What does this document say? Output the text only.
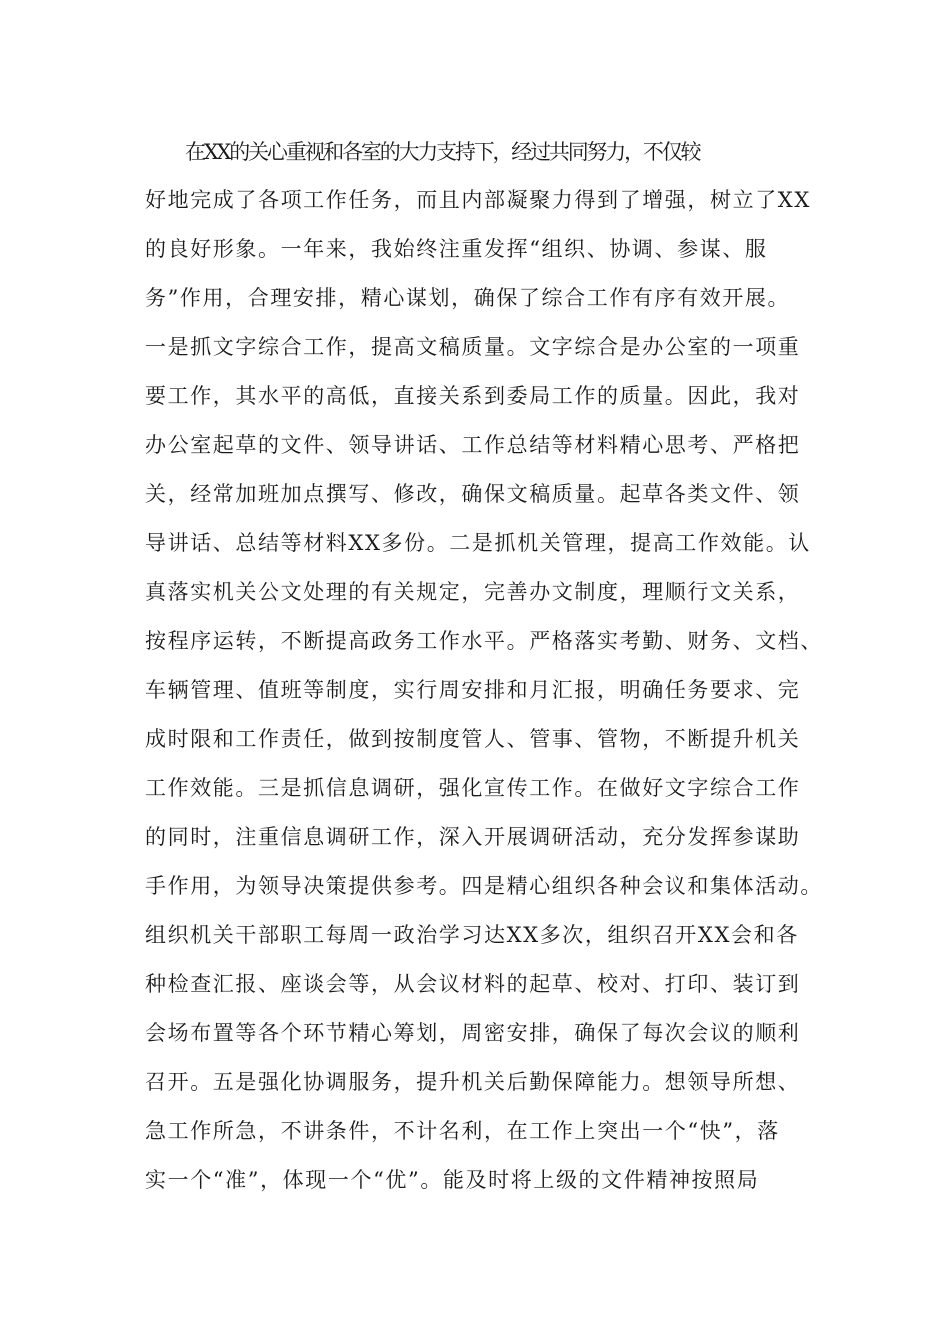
在XX的关心重视和各室的大力支持下，经过共同努力，不仅较

好地完成了各项工作任务，而且内部凝聚力得到了增强，树立了XX

的良好形象。一年来，我始终注重发挥“组织、协调、参谋、服

务”作用，合理安排，精心谋划，确保了综合工作有序有效开展。

一是抓文字综合工作，提高文稿质量。文字综合是办公室的一项重

要工作，其水平的高低，直接关系到委局工作的质量。因此，我对

办公室起草的文件、领导讲话、工作总结等材料精心思考、严格把

关，经常加班加点撰写、修改，确保文稿质量。起草各类文件、领

导讲话、总结等材料XX多份。二是抓机关管理，提高工作效能。认

真落实机关公文处理的有关规定，完善办文制度，理顺行文关系，

按程序运转，不断提高政务工作水平。严格落实考勤、财务、文档、

车辆管理、值班等制度，实行周安排和月汇报，明确任务要求、完

成时限和工作责任，做到按制度管人、管事、管物，不断提升机关

工作效能。三是抓信息调研，强化宣传工作。在做好文字综合工作

的同时，注重信息调研工作，深入开展调研活动，充分发挥参谋助

手作用，为领导决策提供参考。四是精心组织各种会议和集体活动。

组织机关干部职工每周一政治学习达XX多次，组织召开XX会和各

种检查汇报、座谈会等，从会议材料的起草、校对、打印、装订到

会场布置等各个环节精心筹划，周密安排，确保了每次会议的顺利

召开。五是强化协调服务，提升机关后勤保障能力。想领导所想、

急工作所急，不讲条件，不计名利，在工作上突出一个“快”，落

实一个“准”，体现一个“优”。能及时将上级的文件精神按照局
